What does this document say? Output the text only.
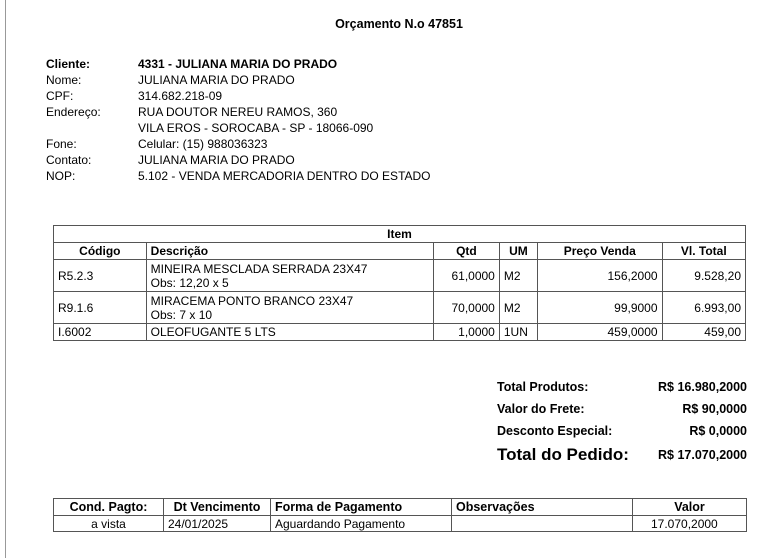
Orçamento N.o 47851
Cliente:	4331 - JULIANA MARIA DO PRADO
Nome:	JULIANA MARIA DO PRADO
CPF:	314.682.218-09
Endereço:	RUA DOUTOR NEREU RAMOS, 360
VILA EROS - SOROCABA - SP - 18066-090
Fone:	Celular: (15) 988036323
Contato:	JULIANA MARIA DO PRADO
NOP:	5.102 - VENDA MERCADORIA DENTRO DO ESTADO
Item					
Código	Descrição	Qtd	UM	Preço Venda	Vl. Total
R5.2.3	MINEIRA MESCLADA SERRADA 23X47
Obs: 12,20 x 5	61,0000	M2	156,2000	9.528,20
R9.1.6	MIRACEMA PONTO BRANCO 23X47
Obs: 7 x 10	70,0000	M2	99,9000	6.993,00
I.6002	OLEOFUGANTE 5 LTS	1,0000	1UN	459,0000	459,00
Total Produtos:	R$ 16.980,2000
Valor do Frete:	R$ 90,0000
Desconto Especial:	R$ 0,0000
Total do Pedido: R$ 17.070,2000
Cond. Pagto:	Dt Vencimento	Forma de Pagamento	Observações	Valor
a vista	24/01/2025	Aguardando Pagamento		17.070,2000
